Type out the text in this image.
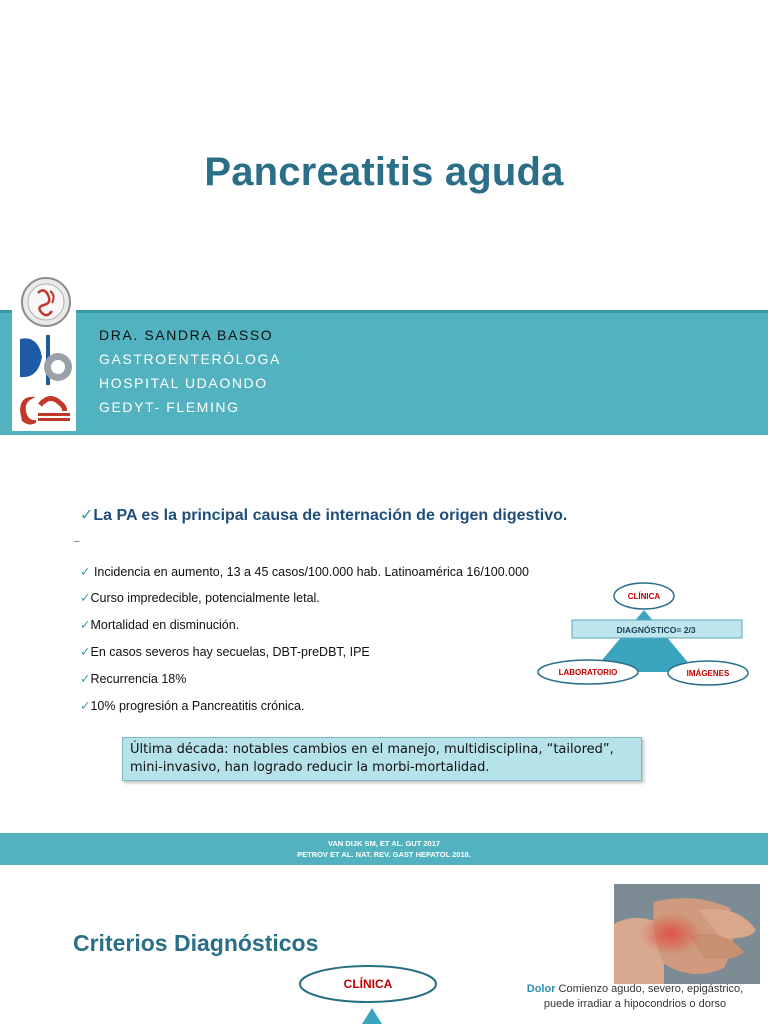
Pancreatitis aguda
DRA. SANDRA BASSO
GASTROENTERÓLOGA
HOSPITAL UDAONDO
GEDYT- FLEMING
✓La PA es la principal causa de internación de origen digestivo.
–
✓ Incidencia en aumento, 13 a 45 casos/100.000 hab. Latinoamérica 16/100.000
✓Curso impredecible, potencialmente letal.
✓Mortalidad en disminución.
✓En casos severos hay secuelas, DBT-preDBT, IPE
✓Recurrencia 18%
✓10% progresión a Pancreatitis crónica.
CLÍNICA
DIAGNÓSTICO= 2/3
LABORATORIO	IMÁGENES
Última década: notables cambios en el manejo, multidisciplina, “tailored”, mini-invasivo, han logrado reducir la morbi-mortalidad.
VAN DIJK SM, ET AL. GUT 2017
PETROV ET AL. NAT. REV. GAST HEPATOL 2018.
Criterios Diagnósticos
CLÍNICA	Dolor Comienzo agudo, severo, epigástrico,
puede irradiar a hipocondrios o dorso
